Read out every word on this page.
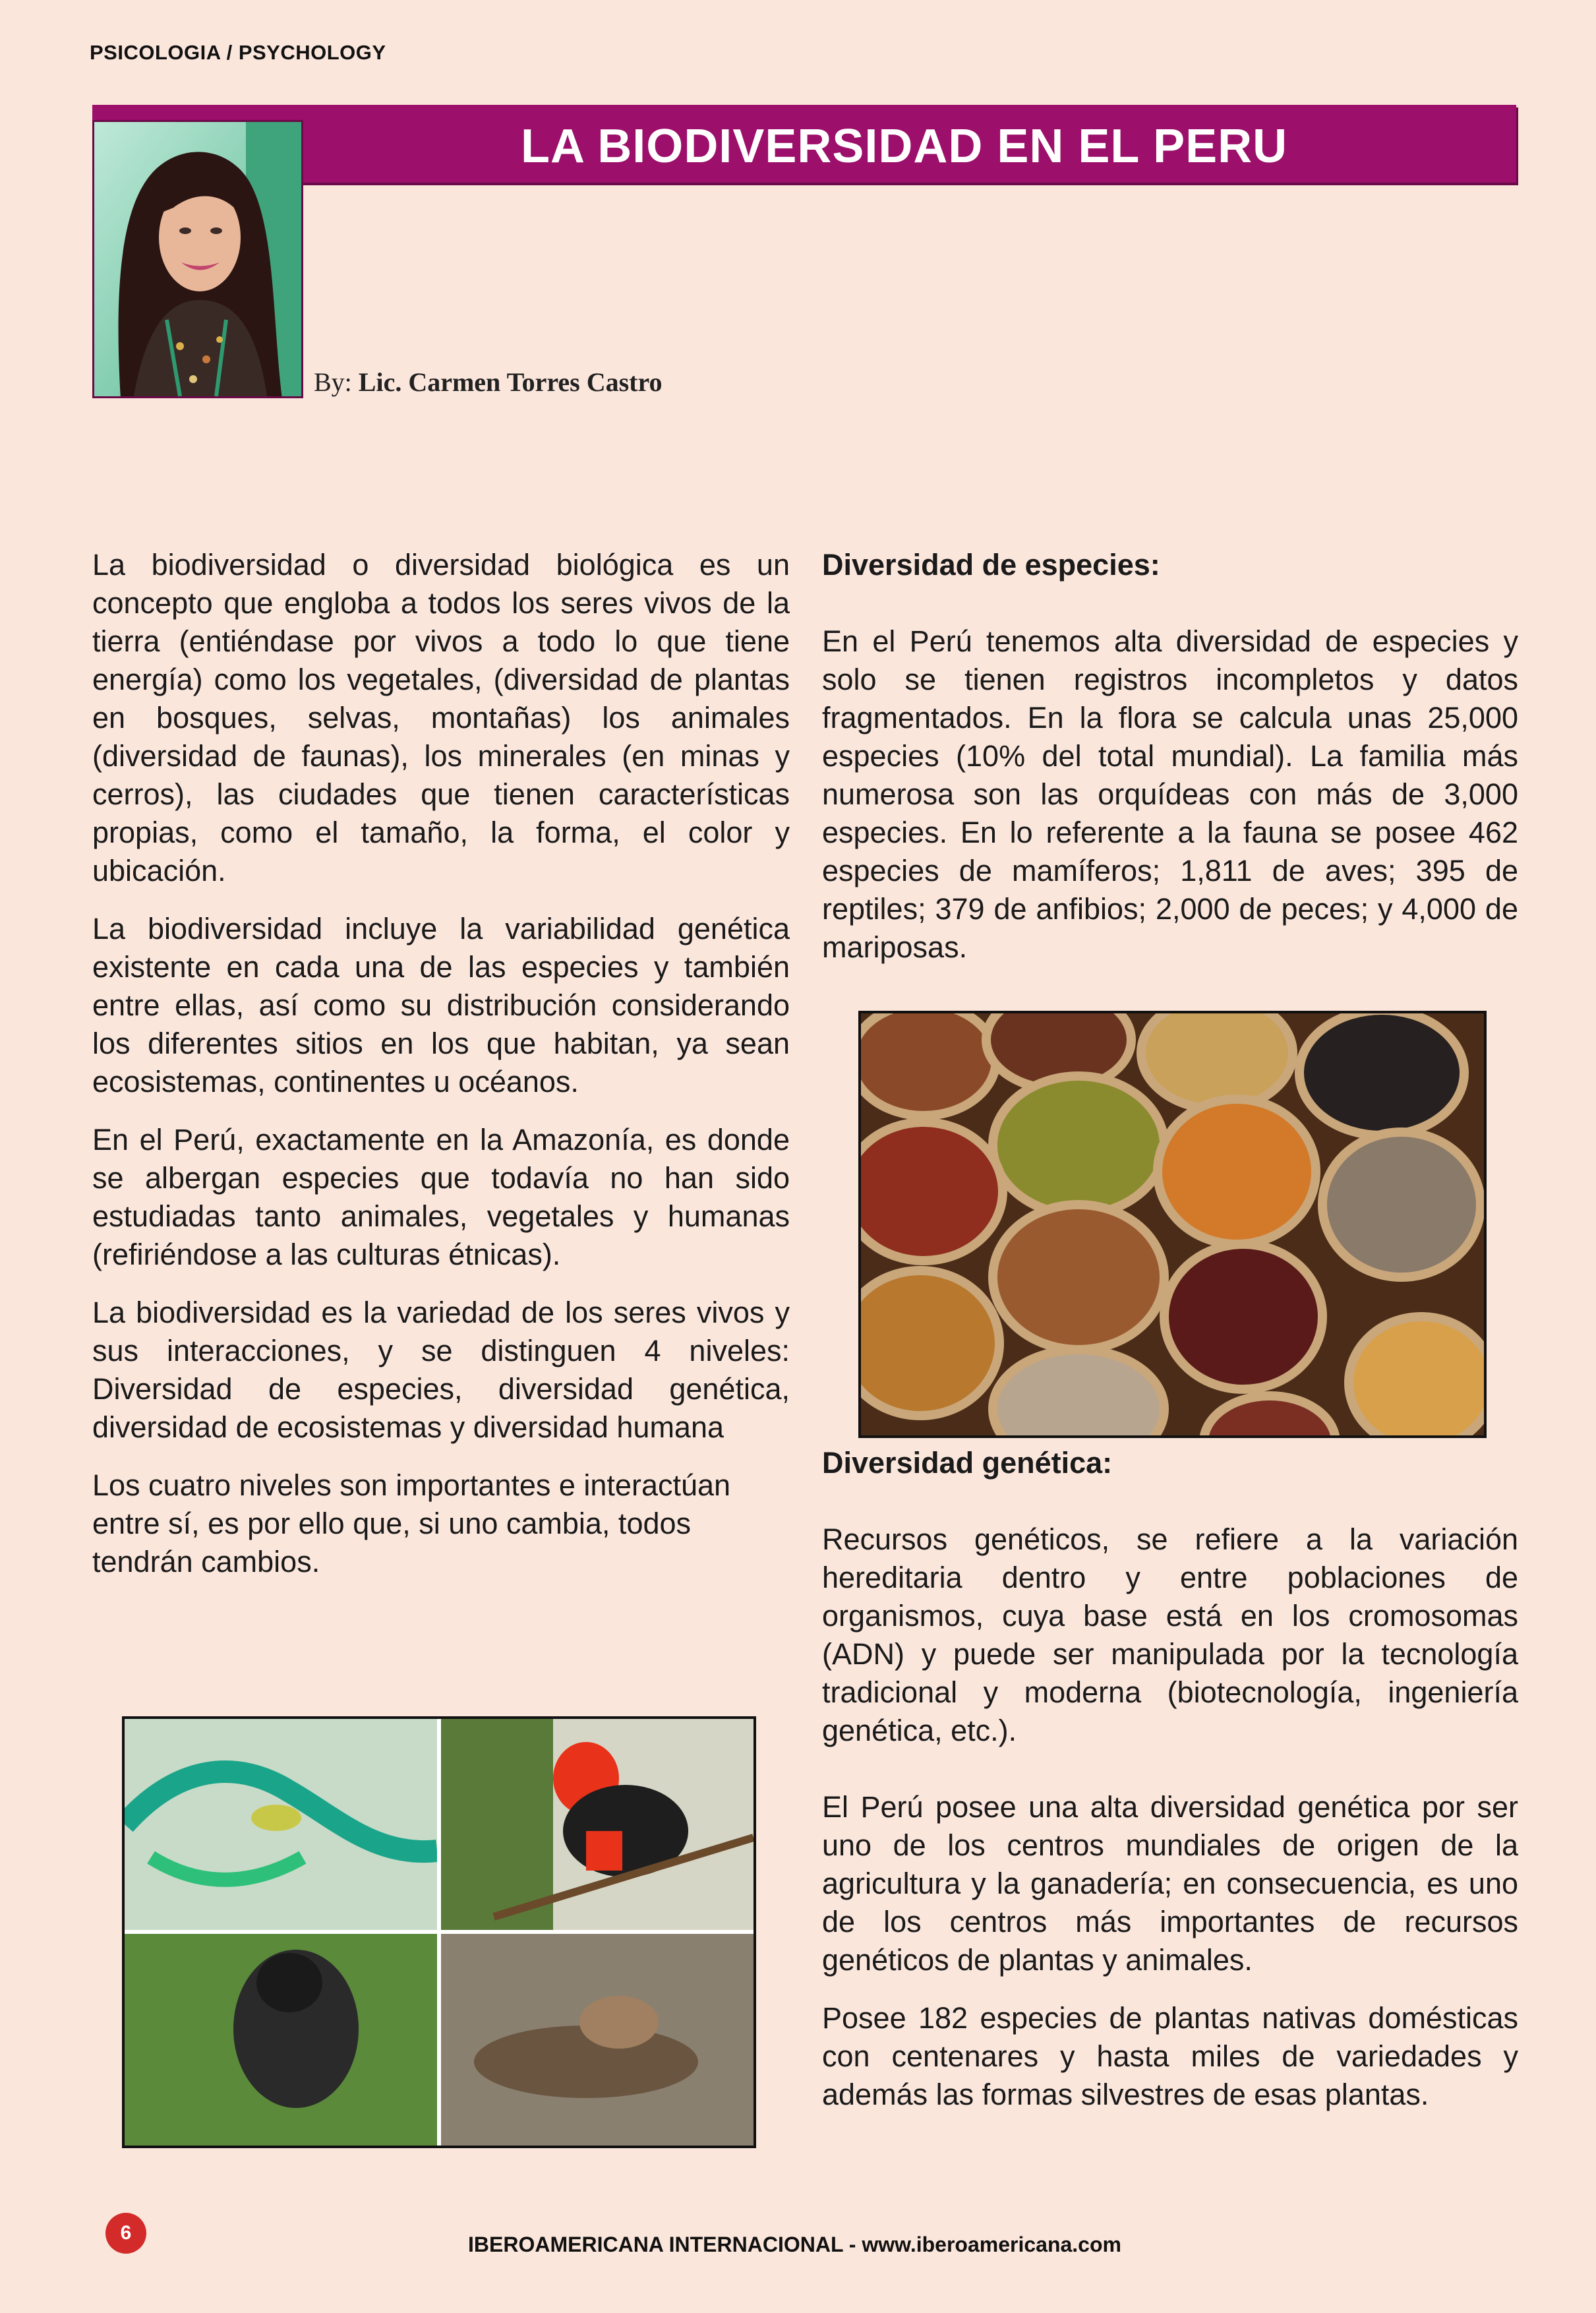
PSICOLOGIA / PSYCHOLOGY
LA BIODIVERSIDAD EN EL PERU
By: Lic. Carmen Torres Castro

La biodiversidad o diversidad biológica es un concepto que engloba a todos los seres vivos de la tierra (entiéndase por vivos a todo lo que tiene energía) como los vegetales, (diversidad de plantas en bosques, selvas, montañas) los animales (diversidad de faunas), los minerales (en minas y cerros), las ciudades que tienen características propias, como el tamaño, la forma, el color y ubicación.

La biodiversidad incluye la variabilidad genética existente en cada una de las especies y también entre ellas, así como su distribución considerando los diferentes sitios en los que habitan, ya sean ecosistemas, continentes u océanos.

En el Perú, exactamente en la Amazonía, es donde se albergan especies que todavía no han sido estudiadas tanto animales, vegetales y humanas (refiriéndose a las culturas étnicas).

La biodiversidad es la variedad de los seres vivos y sus interacciones, y se distinguen 4 niveles: Diversidad de especies, diversidad genética, diversidad de ecosistemas y diversidad humana

Los cuatro niveles son importantes e interactúan entre sí, es por ello que, si uno cambia, todos tendrán cambios.

Diversidad de especies:

En el Perú tenemos alta diversidad de especies y solo se tienen registros incompletos y datos fragmentados. En la flora se calcula unas 25,000 especies (10% del total mundial). La familia más numerosa son las orquídeas con más de 3,000 especies. En lo referente a la fauna se posee 462 especies de mamíferos; 1,811 de aves; 395 de reptiles; 379 de anfibios; 2,000 de peces; y 4,000 de mariposas.

Diversidad genética:

Recursos genéticos, se refiere a la variación hereditaria dentro y entre poblaciones de organismos, cuya base está en los cromosomas (ADN) y puede ser manipulada por la tecnología tradicional y moderna (biotecnología, ingeniería genética, etc.).

El Perú posee una alta diversidad genética por ser uno de los centros mundiales de origen de la agricultura y la ganadería; en consecuencia, es uno de los centros más importantes de recursos genéticos de plantas y animales.

Posee 182 especies de plantas nativas domésticas con centenares y hasta miles de variedades y además las formas silvestres de esas plantas.

6	IBEROAMERICANA INTERNACIONAL - www.iberoamericana.com
